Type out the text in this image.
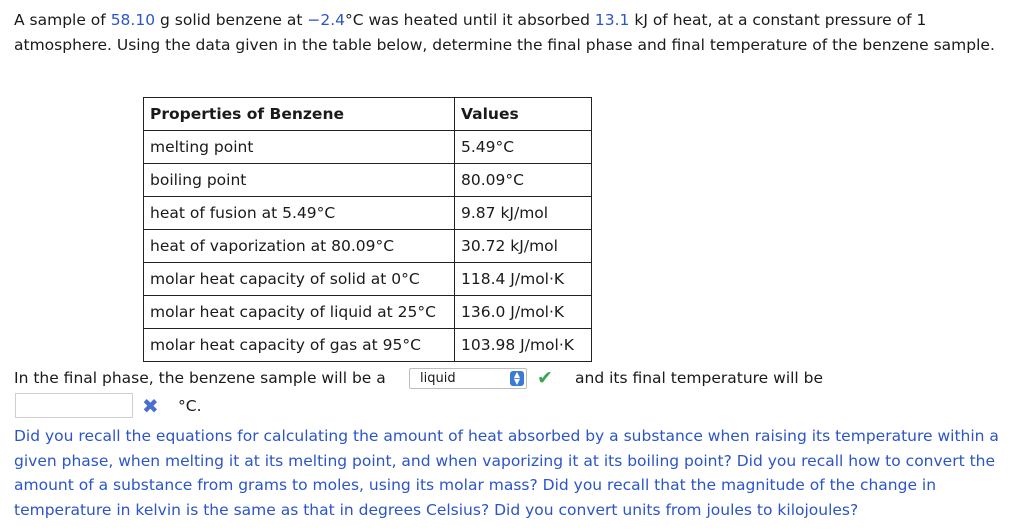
A sample of 58.10 g solid benzene at −2.4°C was heated until it absorbed 13.1 kJ of heat, at a constant pressure of 1 atmosphere. Using the data given in the table below, determine the final phase and final temperature of the benzene sample.
Properties of Benzene	Values
melting point	5.49°C
boiling point	80.09°C
heat of fusion at 5.49°C	9.87 kJ/mol
heat of vaporization at 80.09°C	30.72 kJ/mol
molar heat capacity of solid at 0°C	118.4 J/mol·K
molar heat capacity of liquid at 25°C	136.0 J/mol·K
molar heat capacity of gas at 95°C	103.98 J/mol·K
In the final phase, the benzene sample will be a	liquid	▲
▼ ✔ and its final temperature will be
✖ °C.
Did you recall the equations for calculating the amount of heat absorbed by a substance when raising its temperature within a given phase, when melting it at its melting point, and when vaporizing it at its boiling point? Did you recall how to convert the amount of a substance from grams to moles, using its molar mass? Did you recall that the magnitude of the change in temperature in kelvin is the same as that in degrees Celsius? Did you convert units from joules to kilojoules?
